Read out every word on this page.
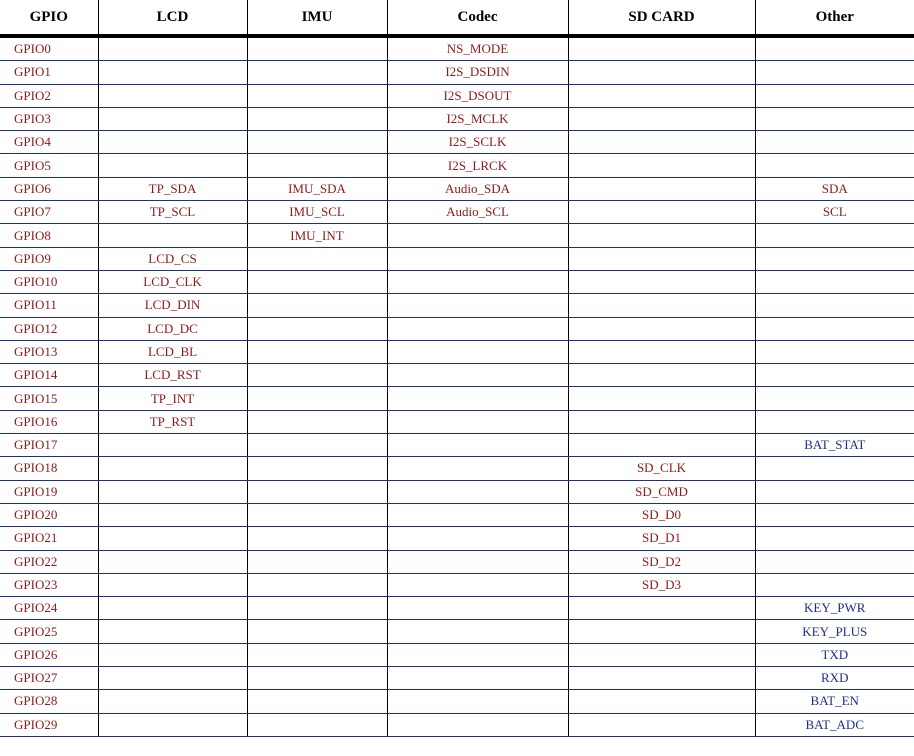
GPIO	LCD	IMU	Codec	SD CARD	Other
GPIO0			NS_MODE		
GPIO1			I2S_DSDIN		
GPIO2			I2S_DSOUT		
GPIO3			I2S_MCLK		
GPIO4			I2S_SCLK		
GPIO5			I2S_LRCK		
GPIO6	TP_SDA	IMU_SDA	Audio_SDA		SDA
GPIO7	TP_SCL	IMU_SCL	Audio_SCL		SCL
GPIO8		IMU_INT			
GPIO9	LCD_CS				
GPIO10	LCD_CLK				
GPIO11	LCD_DIN				
GPIO12	LCD_DC				
GPIO13	LCD_BL				
GPIO14	LCD_RST				
GPIO15	TP_INT				
GPIO16	TP_RST				
GPIO17					BAT_STAT
GPIO18				SD_CLK	
GPIO19				SD_CMD	
GPIO20				SD_D0	
GPIO21				SD_D1	
GPIO22				SD_D2	
GPIO23				SD_D3	
GPIO24					KEY_PWR
GPIO25					KEY_PLUS
GPIO26					TXD
GPIO27					RXD
GPIO28					BAT_EN
GPIO29					BAT_ADC
